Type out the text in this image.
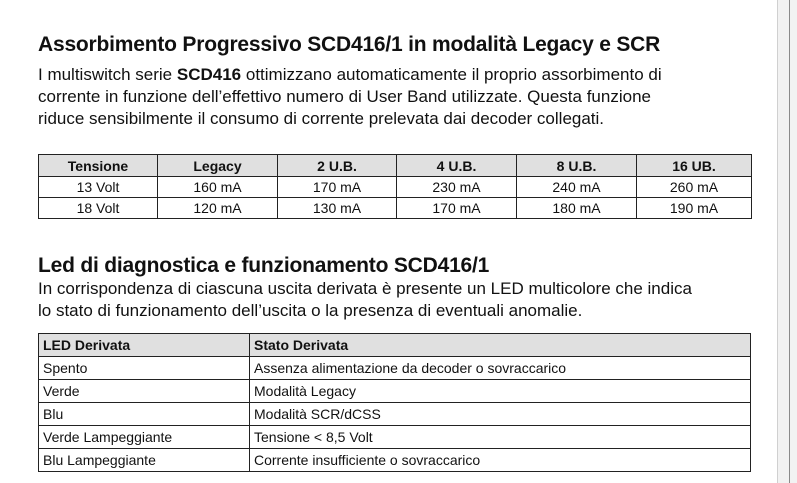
Assorbimento Progressivo SCD416/1 in modalità Legacy e SCR

I multiswitch serie SCD416 ottimizzano automaticamente il proprio assorbimento di
corrente in funzione dell’effettivo numero di User Band utilizzate. Questa funzione
riduce sensibilmente il consumo di corrente prelevata dai decoder collegati.

Tensione	Legacy	2 U.B.	4 U.B.	8 U.B.	16 UB.
13 Volt	160 mA	170 mA	230 mA	240 mA	260 mA
18 Volt	120 mA	130 mA	170 mA	180 mA	190 mA
Led di diagnostica e funzionamento SCD416/1

In corrispondenza di ciascuna uscita derivata è presente un LED multicolore che indica
lo stato di funzionamento dell’uscita o la presenza di eventuali anomalie.

LED Derivata	Stato Derivata
Spento	Assenza alimentazione da decoder o sovraccarico
Verde	Modalità Legacy
Blu	Modalità SCR/dCSS
Verde Lampeggiante	Tensione < 8,5 Volt
Blu Lampeggiante	Corrente insufficiente o sovraccarico
